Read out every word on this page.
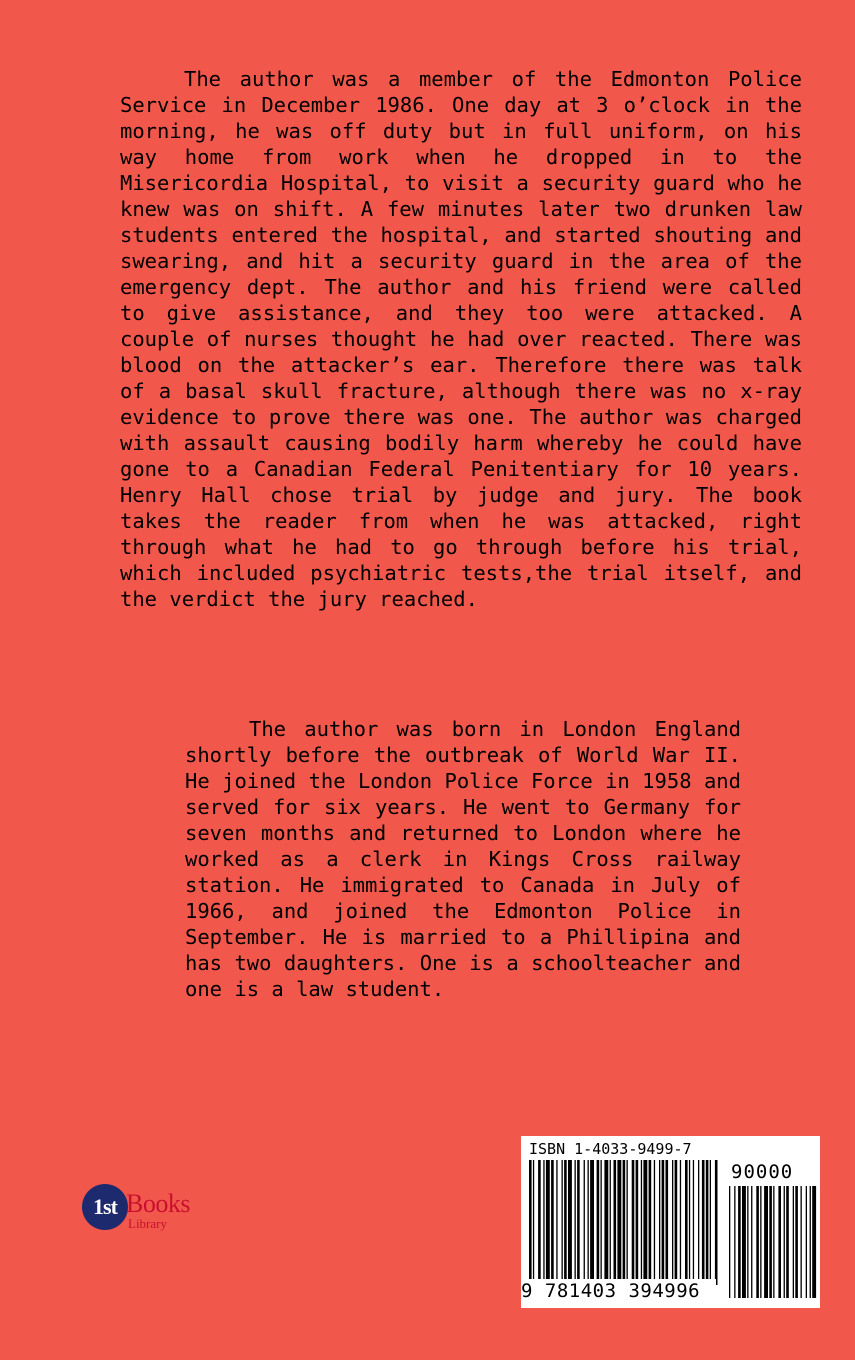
The author was a member of the Edmonton Police Service in December 1986. One day at 3 o’clock in the morning, he was off duty but in full uniform, on his way home from work when he dropped in to the Misericordia Hospital, to visit a security guard who he knew was on shift. A few minutes later two drunken law students entered the hospital, and started shouting and swearing, and hit a security guard in the area of the emergency dept. The author and his friend were called to give assistance, and they too were attacked. A couple of nurses thought he had over reacted. There was blood on the attacker’s ear. Therefore there was talk of a basal skull fracture, although there was no x-ray evidence to prove there was one. The author was charged with assault causing bodily harm whereby he could have gone to a Canadian Federal Penitentiary for 10 years. Henry Hall chose trial by judge and jury. The book takes the reader from when he was attacked, right through what he had to go through before his trial, which included psychiatric tests,the trial itself, and the verdict the jury reached.

The author was born in London England shortly before the outbreak of World War II. He joined the London Police Force in 1958 and served for six years. He went to Germany for seven months and returned to London where he worked as a clerk in Kings Cross railway station. He immigrated to Canada in July of 1966, and joined the Edmonton Police in September. He is married to a Phillipina and has two daughters. One is a schoolteacher and one is a law student.

1st Books
Library
ISBN 1-4033-9499-7
90000
9 781403 394996
